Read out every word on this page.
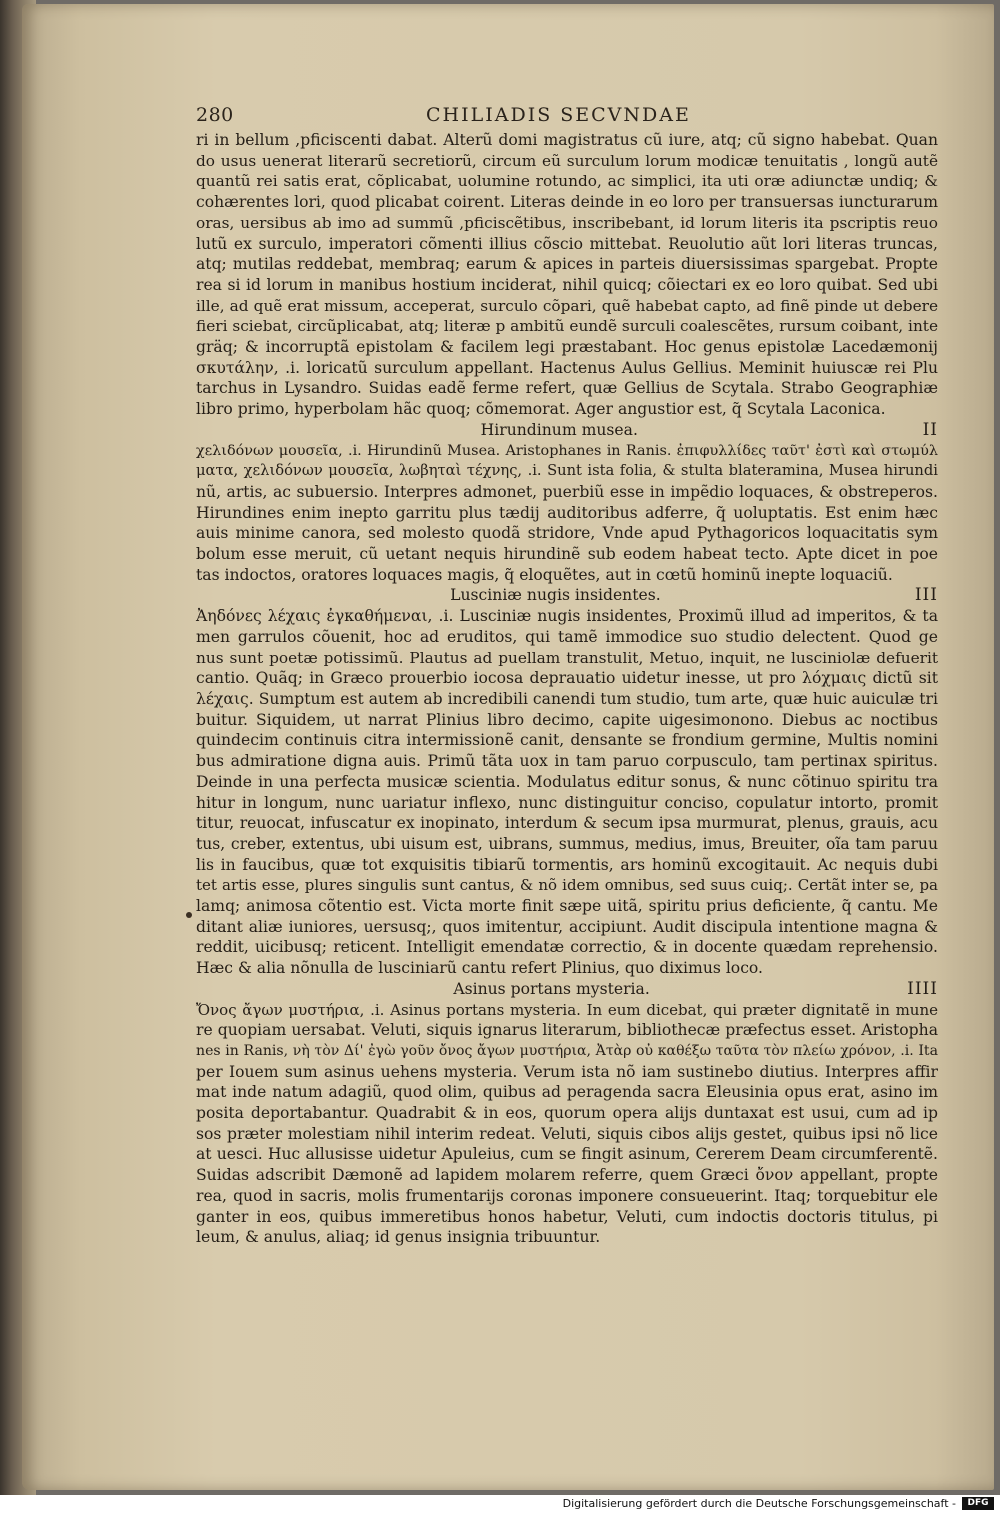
280	CHILIADIS SECVNDAE

ri in bellum ,pficiscenti dabat. Alterũ domi magistratus cũ iure, atq; cũ signo habebat. Quan

do usus uenerat literarũ secretiorũ, circum eũ surculum lorum modicæ tenuitatis , longũ autẽ

quantũ rei satis erat, cõplicabat, uolumine rotundo, ac simplici, ita uti oræ adiunctæ undiq; &

cohærentes lori, quod plicabat coirent. Literas deinde in eo loro per transuersas iuncturarum

oras, uersibus ab imo ad summũ ,pficiscẽtibus, inscribebant, id lorum literis ita pscriptis reuo

lutũ ex surculo, imperatori cõmenti illius cõscio mittebat. Reuolutio aũt lori literas truncas,

atq; mutilas reddebat, membraq; earum & apices in parteis diuersissimas spargebat. Propte

rea si id lorum in manibus hostium inciderat, nihil quicq; cõiectari ex eo loro quibat. Sed ubi

ille, ad quẽ erat missum, acceperat, surculo cõpari, quẽ habebat capto, ad finẽ pinde ut debere

fieri sciebat, circũplicabat, atq; literæ p ambitũ eundẽ surculi coalescẽtes, rursum coibant, inte

gräq; & incorruptã epistolam & facilem legi præstabant. Hoc genus epistolæ Lacedæmonij

σκυτάλην, .i. loricatũ surculum appellant. Hactenus Aulus Gellius. Meminit huiuscæ rei Plu

tarchus in Lysandro. Suidas eadẽ ferme refert, quæ Gellius de Scytala. Strabo Geographiæ

libro primo, hyperbolam hãc quoq; cõmemorat. Ager angustior est, q̃ Scytala Laconica.

II
Hirundinum musea.

χελιδόνων μουσεῖα, .i. Hirundinũ Musea. Aristophanes in Ranis. ἐπιφυλλίδες ταῦτ' ἐστὶ καὶ στωμύλ

ματα, χελιδόνων μουσεῖα, λωβηταὶ τέχνης, .i. Sunt ista folia, & stulta blateramina, Musea hirundi

nũ, artis, ac subuersio. Interpres admonet, puerbiũ esse in impẽdio loquaces, & obstreperos.

Hirundines enim inepto garritu plus tædij auditoribus adferre, q̃ uoluptatis. Est enim hæc

auis minime canora, sed molesto quodã stridore, Vnde apud Pythagoricos loquacitatis sym

bolum esse meruit, cũ uetant nequis hirundinẽ sub eodem habeat tecto. Apte dicet in poe

tas indoctos, oratores loquaces magis, q̃ eloquẽtes, aut in cœtũ hominũ inepte loquaciũ.

III
Lusciniæ nugis insidentes.

Ἀηδόνες λέχαις ἐγκαθήμεναι, .i. Lusciniæ nugis insidentes, Proximũ illud ad imperitos, & ta

men garrulos cõuenit, hoc ad eruditos, qui tamẽ immodice suo studio delectent. Quod ge

nus sunt poetæ potissimũ. Plautus ad puellam transtulit, Metuo, inquit, ne lusciniolæ defuerit

cantio. Quãq; in Græco prouerbio iocosa deprauatio uidetur inesse, ut pro λόχμαις dictũ sit

λέχαις. Sumptum est autem ab incredibili canendi tum studio, tum arte, quæ huic auiculæ tri

buitur. Siquidem, ut narrat Plinius libro decimo, capite uigesimonono. Diebus ac noctibus

quindecim continuis citra intermissionẽ canit, densante se frondium germine, Multis nomini

bus admiratione digna auis. Primũ tãta uox in tam paruo corpusculo, tam pertinax spiritus.

Deinde in una perfecta musicæ scientia. Modulatus editur sonus, & nunc cõtinuo spiritu tra

hitur in longum, nunc uariatur inflexo, nunc distinguitur conciso, copulatur intorto, promit

titur, reuocat, infuscatur ex inopinato, interdum & secum ipsa murmurat, plenus, grauis, acu

tus, creber, extentus, ubi uisum est, uibrans, summus, medius, imus, Breuiter, oĩa tam paruu

lis in faucibus, quæ tot exquisitis tibiarũ tormentis, ars hominũ excogitauit. Ac nequis dubi

tet artis esse, plures singulis sunt cantus, & nõ idem omnibus, sed suus cuiq;. Certãt inter se, pa

lamq; animosa cõtentio est. Victa morte finit sæpe uitã, spiritu prius deficiente, q̃ cantu. Me

ditant aliæ iuniores, uersusq;, quos imitentur, accipiunt. Audit discipula intentione magna &

reddit, uicibusq; reticent. Intelligit emendatæ correctio, & in docente quædam reprehensio.

Hæc & alia nõnulla de lusciniarũ cantu refert Plinius, quo diximus loco.

IIII
Asinus portans mysteria.

Ὄνος ἄγων μυστήρια, .i. Asinus portans mysteria. In eum dicebat, qui præter dignitatẽ in mune

re quopiam uersabat. Veluti, siquis ignarus literarum, bibliothecæ præfectus esset. Aristopha

nes in Ranis, νὴ τὸν Δί' ἐγὼ γοῦν ὄνος ἄγων μυστήρια, Ἀτὰρ οὐ καθέξω ταῦτα τὸν πλείω χρόνον, .i. Ita

per Iouem sum asinus uehens mysteria. Verum ista nõ iam sustinebo diutius. Interpres affir

mat inde natum adagiũ, quod olim, quibus ad peragenda sacra Eleusinia opus erat, asino im

posita deportabantur. Quadrabit & in eos, quorum opera alijs duntaxat est usui, cum ad ip

sos præter molestiam nihil interim redeat. Veluti, siquis cibos alijs gestet, quibus ipsi nõ lice

at uesci. Huc allusisse uidetur Apuleius, cum se fingit asinum, Cererem Deam circumferentẽ.

Suidas adscribit Dæmonẽ ad lapidem molarem referre, quem Græci ὄνον appellant, propte

rea, quod in sacris, molis frumentarijs coronas imponere consueuerint. Itaq; torquebitur ele

ganter in eos, quibus immeretibus honos habetur, Veluti, cum indoctis doctoris titulus, pi

leum, & anulus, aliaq; id genus insignia tribuuntur.

Digitalisierung gefördert durch die Deutsche Forschungsgemeinschaft -	DFG
